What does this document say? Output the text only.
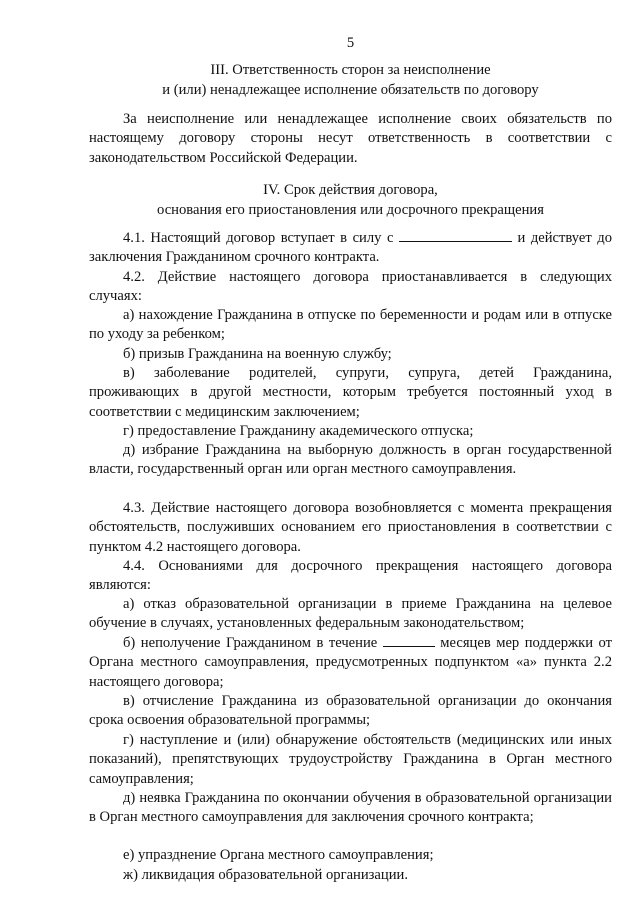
5
III. Ответственность сторон за неисполнение
и (или) ненадлежащее исполнение обязательств по договору
За неисполнение или ненадлежащее исполнение своих обязательств по настоящему договору стороны несут ответственность в соответствии с законодательством Российской Федерации.
IV. Срок действия договора,
основания его приостановления или досрочного прекращения
4.1. Настоящий договор вступает в силу с	и действует до заключения Гражданином срочного контракта.
4.2. Действие настоящего договора приостанавливается в следующих случаях:
а) нахождение Гражданина в отпуске по беременности и родам или в отпуске по уходу за ребенком;
б) призыв Гражданина на военную службу;
в) заболевание родителей, супруги, супруга, детей Гражданина, проживающих в другой местности, которым требуется постоянный уход в соответствии с медицинским заключением;
г) предоставление Гражданину академического отпуска;
д) избрание Гражданина на выборную должность в орган государственной власти, государственный орган или орган местного самоуправления.
4.3. Действие настоящего договора возобновляется с момента прекращения обстоятельств, послуживших основанием его приостановления в соответствии с пунктом 4.2 настоящего договора.
4.4. Основаниями для досрочного прекращения настоящего договора являются:
а) отказ образовательной организации в приеме Гражданина на целевое обучение в случаях, установленных федеральным законодательством;
б) неполучение Гражданином в течение	месяцев мер поддержки от Органа местного самоуправления, предусмотренных подпунктом «а» пункта 2.2 настоящего договора;
в) отчисление Гражданина из образовательной организации до окончания срока освоения образовательной программы;
г) наступление и (или) обнаружение обстоятельств (медицинских или иных показаний), препятствующих трудоустройству Гражданина в Орган местного самоуправления;
д) неявка Гражданина по окончании обучения в образовательной организации в Орган местного самоуправления для заключения срочного контракта;
е) упразднение Органа местного самоуправления;
ж) ликвидация образовательной организации.
